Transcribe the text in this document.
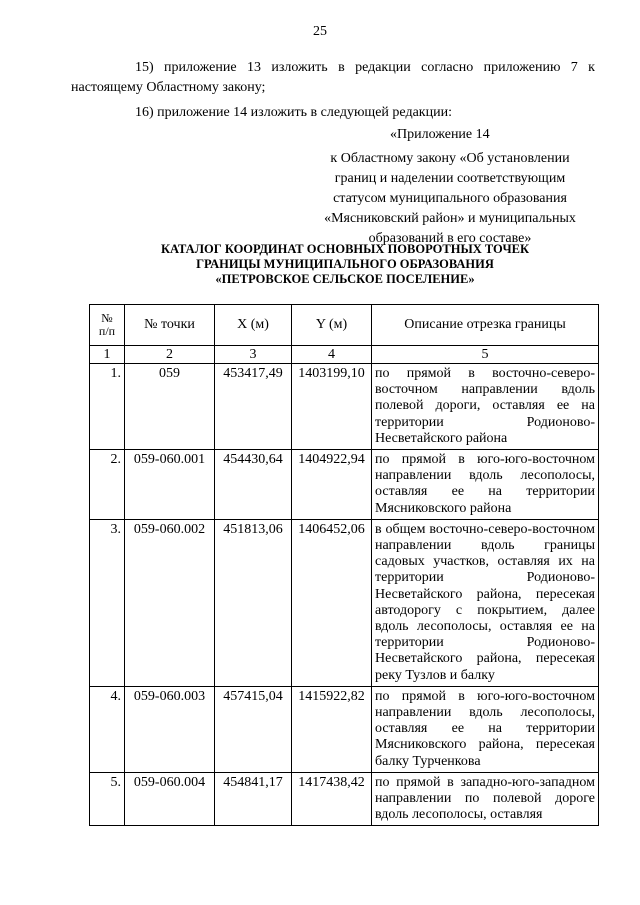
25
15) приложение 13 изложить в редакции согласно приложению 7 к
настоящему Областному закону;
16) приложение 14 изложить в следующей редакции:
«Приложение 14
к Областному закону «Об установлении
границ и наделении соответствующим
статусом муниципального образования
«Мясниковский район» и муниципальных
образований в его составе»
КАТАЛОГ КООРДИНАТ ОСНОВНЫХ ПОВОРОТНЫХ ТОЧЕК
ГРАНИЦЫ МУНИЦИПАЛЬНОГО ОБРАЗОВАНИЯ
«ПЕТРОВСКОЕ СЕЛЬСКОЕ ПОСЕЛЕНИЕ»
№
п/п	№ точки	X (м)	Y (м)	Описание отрезка границы
1	2	3	4	5
1.	059	453417,49	1403199,10	по прямой в восточно-северо-восточном направлении вдоль полевой дороги, оставляя ее на территории Родионово-Несветайского района
2.	059-060.001	454430,64	1404922,94	по прямой в юго-юго-восточном направлении вдоль лесополосы, оставляя ее на территории Мясниковского района
3.	059-060.002	451813,06	1406452,06	в общем восточно-северо-восточном направлении вдоль границы садовых участков, оставляя их на территории Родионово-Несветайского района, пересекая автодорогу с покрытием, далее вдоль лесополосы, оставляя ее на территории Родионово-Несветайского района, пересекая реку Тузлов и балку
4.	059-060.003	457415,04	1415922,82	по прямой в юго-юго-восточном направлении вдоль лесополосы, оставляя ее на территории Мясниковского района, пересекая балку Турченкова
5.	059-060.004	454841,17	1417438,42	по прямой в западно-юго-западном направлении по полевой дороге вдоль лесополосы, оставляя
